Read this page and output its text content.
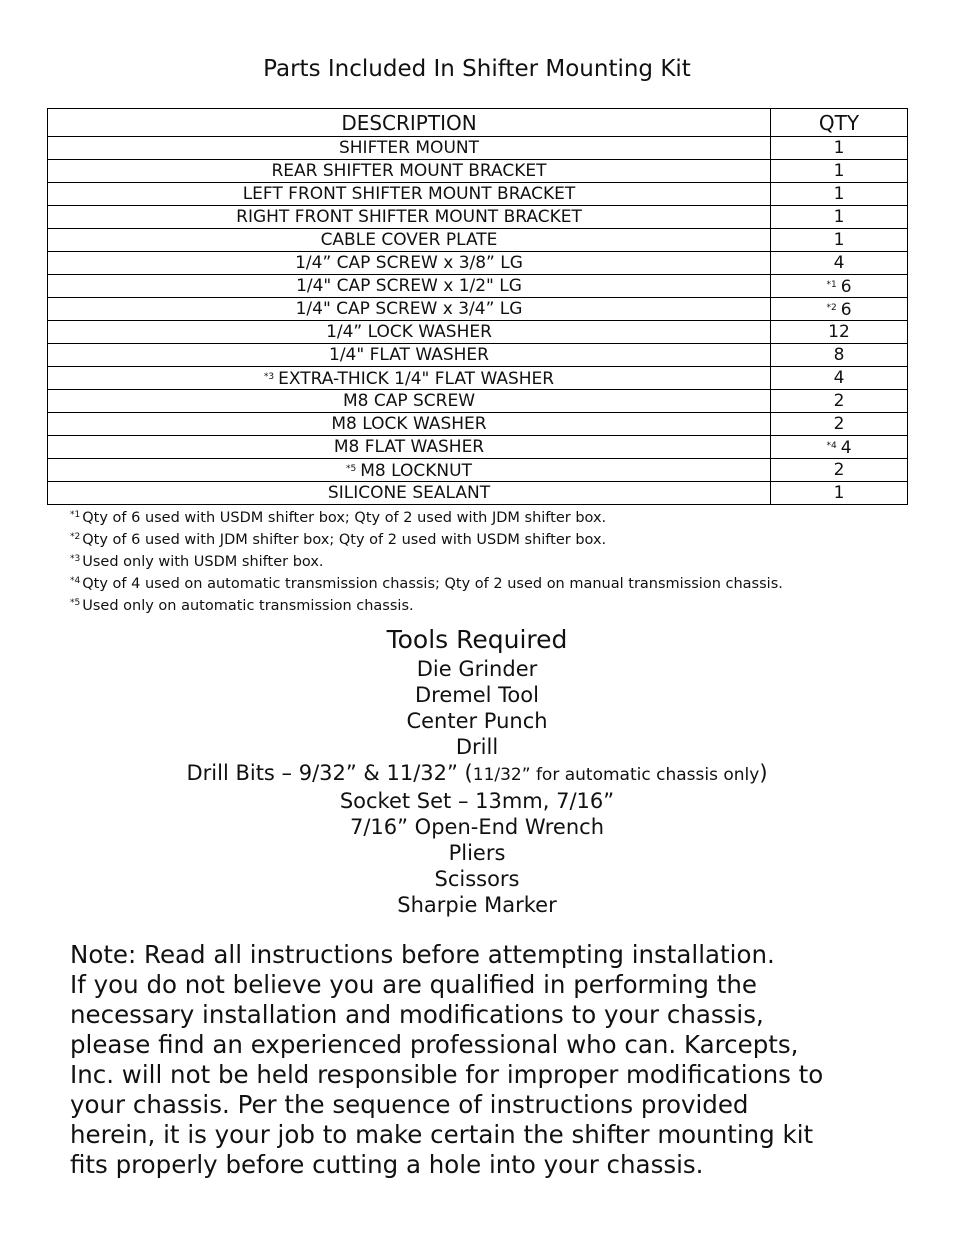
Parts Included In Shifter Mounting Kit
DESCRIPTION	QTY
SHIFTER MOUNT	1
REAR SHIFTER MOUNT BRACKET	1
LEFT FRONT SHIFTER MOUNT BRACKET	1
RIGHT FRONT SHIFTER MOUNT BRACKET	1
CABLE COVER PLATE	1
1/4” CAP SCREW x 3/8” LG	4
1/4" CAP SCREW x 1/2" LG	$^{*1}$ 6
1/4" CAP SCREW x 3/4” LG	$^{*2}$ 6
1/4” LOCK WASHER	12
1/4" FLAT WASHER	8
$^{*3}$ EXTRA-THICK 1/4" FLAT WASHER	4
M8 CAP SCREW	2
M8 LOCK WASHER	2
M8 FLAT WASHER	$^{*4}$ 4
$^{*5}$ M8 LOCKNUT	2
SILICONE SEALANT	1
$^{*1}$ Qty of 6 used with USDM shifter box; Qty of 2 used with JDM shifter box.
$^{*2}$ Qty of 6 used with JDM shifter box; Qty of 2 used with USDM shifter box.
$^{*3}$ Used only with USDM shifter box.
$^{*4}$ Qty of 4 used on automatic transmission chassis; Qty of 2 used on manual transmission chassis.
$^{*5}$ Used only on automatic transmission chassis.
Tools Required
Die Grinder
Dremel Tool
Center Punch
Drill
Drill Bits – 9/32” & 11/32” (11/32” for automatic chassis only)
Socket Set – 13mm, 7/16”
7/16” Open-End Wrench
Pliers
Scissors
Sharpie Marker
Note: Read all instructions before attempting installation.
If you do not believe you are qualified in performing the
necessary installation and modifications to your chassis,
please find an experienced professional who can. Karcepts,
Inc. will not be held responsible for improper modifications to
your chassis. Per the sequence of instructions provided
herein, it is your job to make certain the shifter mounting kit
fits properly before cutting a hole into your chassis.
